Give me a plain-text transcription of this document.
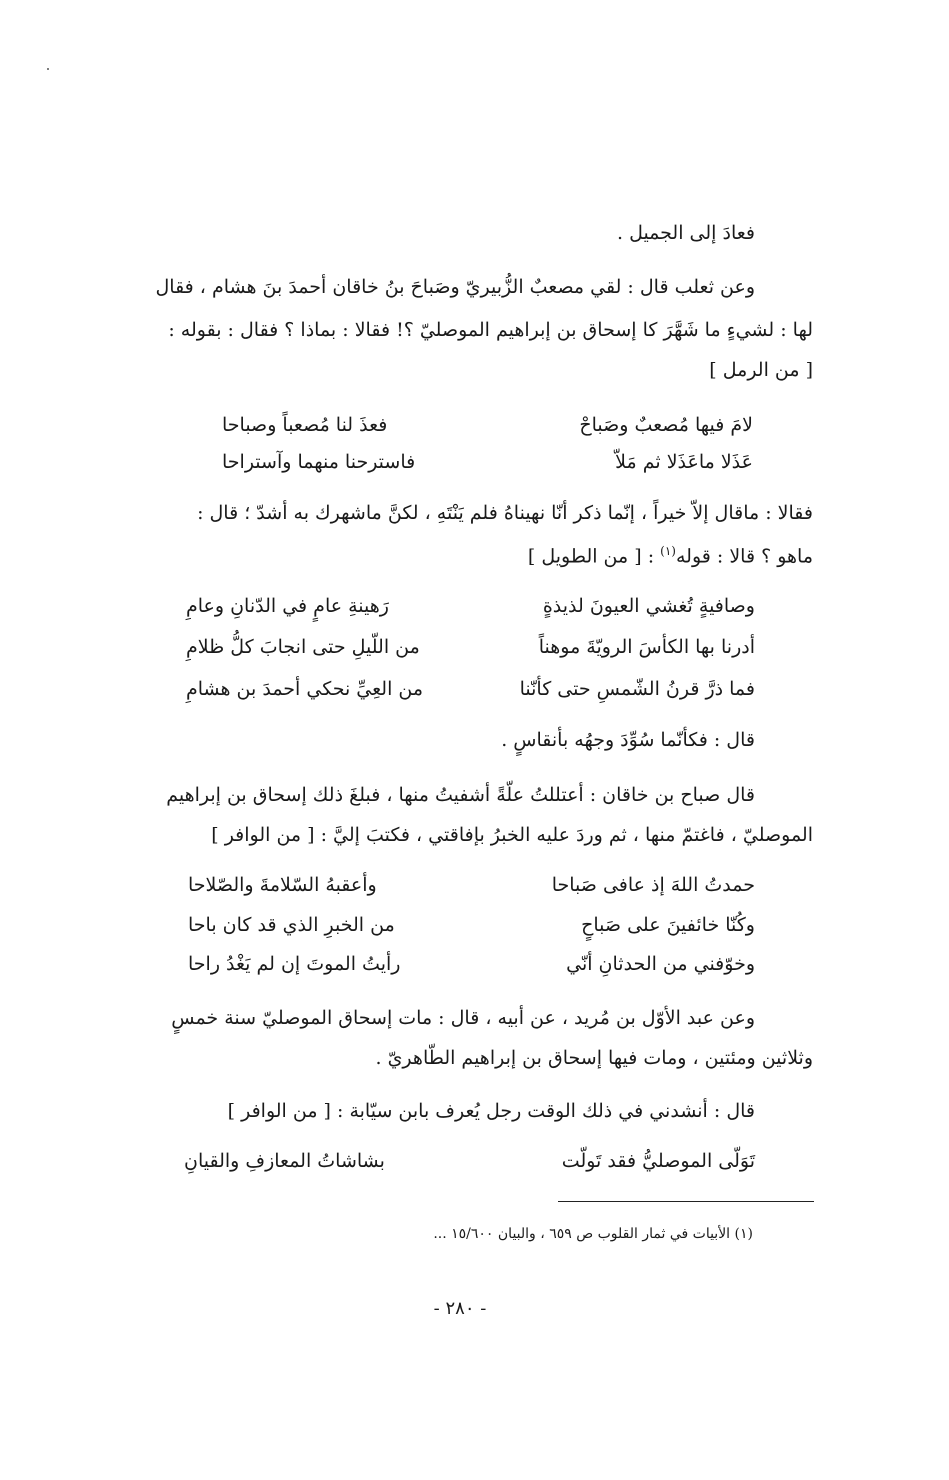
فعادَ إلى الجميل .
وعن ثعلب قال : لقي مصعبٌ الزُّبيريّ وصَباحَ بنُ خاقان أحمدَ بنَ هشام ، فقال
لها : لشيءٍ ما شَهَّرَ كا إسحاق بن إبراهيم الموصليّ ؟! فقالا : بماذا ؟ فقال : بقوله :
[ من الرمل ]
لامَ فيها مُصعبٌ وصَباحْ
فعذَ لنا مُصعباً وصباحا
عَذَلا ماعَذَلا ثم مَلاّ
فاسترحنا منهما وآستراحا
فقالا : ماقال إلاّ خيراً ، إنّما ذكر أنّا نهيناهُ فلم يَنْتَهِ ، لكنَّ ماشهرك به أشدّ ؛ قال :
ماهو ؟ قالا : قوله$^{(١)}$ : [ من الطويل ]
وصافيةٍ تُغشي العيونَ لذيذةٍ
رَهينةِ عامٍ في الدّنانِ وعامِ
أدرنا بها الكأسَ الرويّةَ موهناً
من اللّيلِ حتى انجابَ كلُّ ظلامِ
فما ذرَّ قرنُ الشّمسِ حتى كأنّنا
من العِيِّ نحكي أحمدَ بن هشامِ
قال : فكأنّما سُوِّدَ وجهُه بأنقاسٍ .
قال صباح بن خاقان : أعتللتُ علّةً أشفيتُ منها ، فبلغَ ذلك إسحاق بن إبراهيم
الموصليّ ، فاغتمّ منها ، ثم وردَ عليه الخبرُ بإفاقتي ، فكتبَ إليَّ : [ من الوافر ]
حمدتُ اللهَ إذ عافى صَباحا
وأعقبهُ السّلامةَ والصّلاحا
وكُنّا خائفينَ على صَباحٍ
من الخبرِ الذي قد كان باحا
وخوّفني من الحدثانِ أنّي
رأيتُ الموتَ إن لم يَغْدُ راحا
وعن عبد الأوّل بن مُريد ، عن أبيه ، قال : مات إسحاق الموصليّ سنة خمسٍ
وثلاثين ومئتين ، ومات فيها إسحاق بن إبراهيم الطّاهريّ .
قال : أنشدني في ذلك الوقت رجل يُعرف بابن سيّابة : [ من الوافر ]
تَوَلّى الموصليُّ فقد تَولّت
بشاشاتُ المعازفِ والقيانِ
(١) الأبيات في ثمار القلوب ص ٦٥٩ ، والبيان ١٥/٦٠٠ ...
- ٢٨٠ -
